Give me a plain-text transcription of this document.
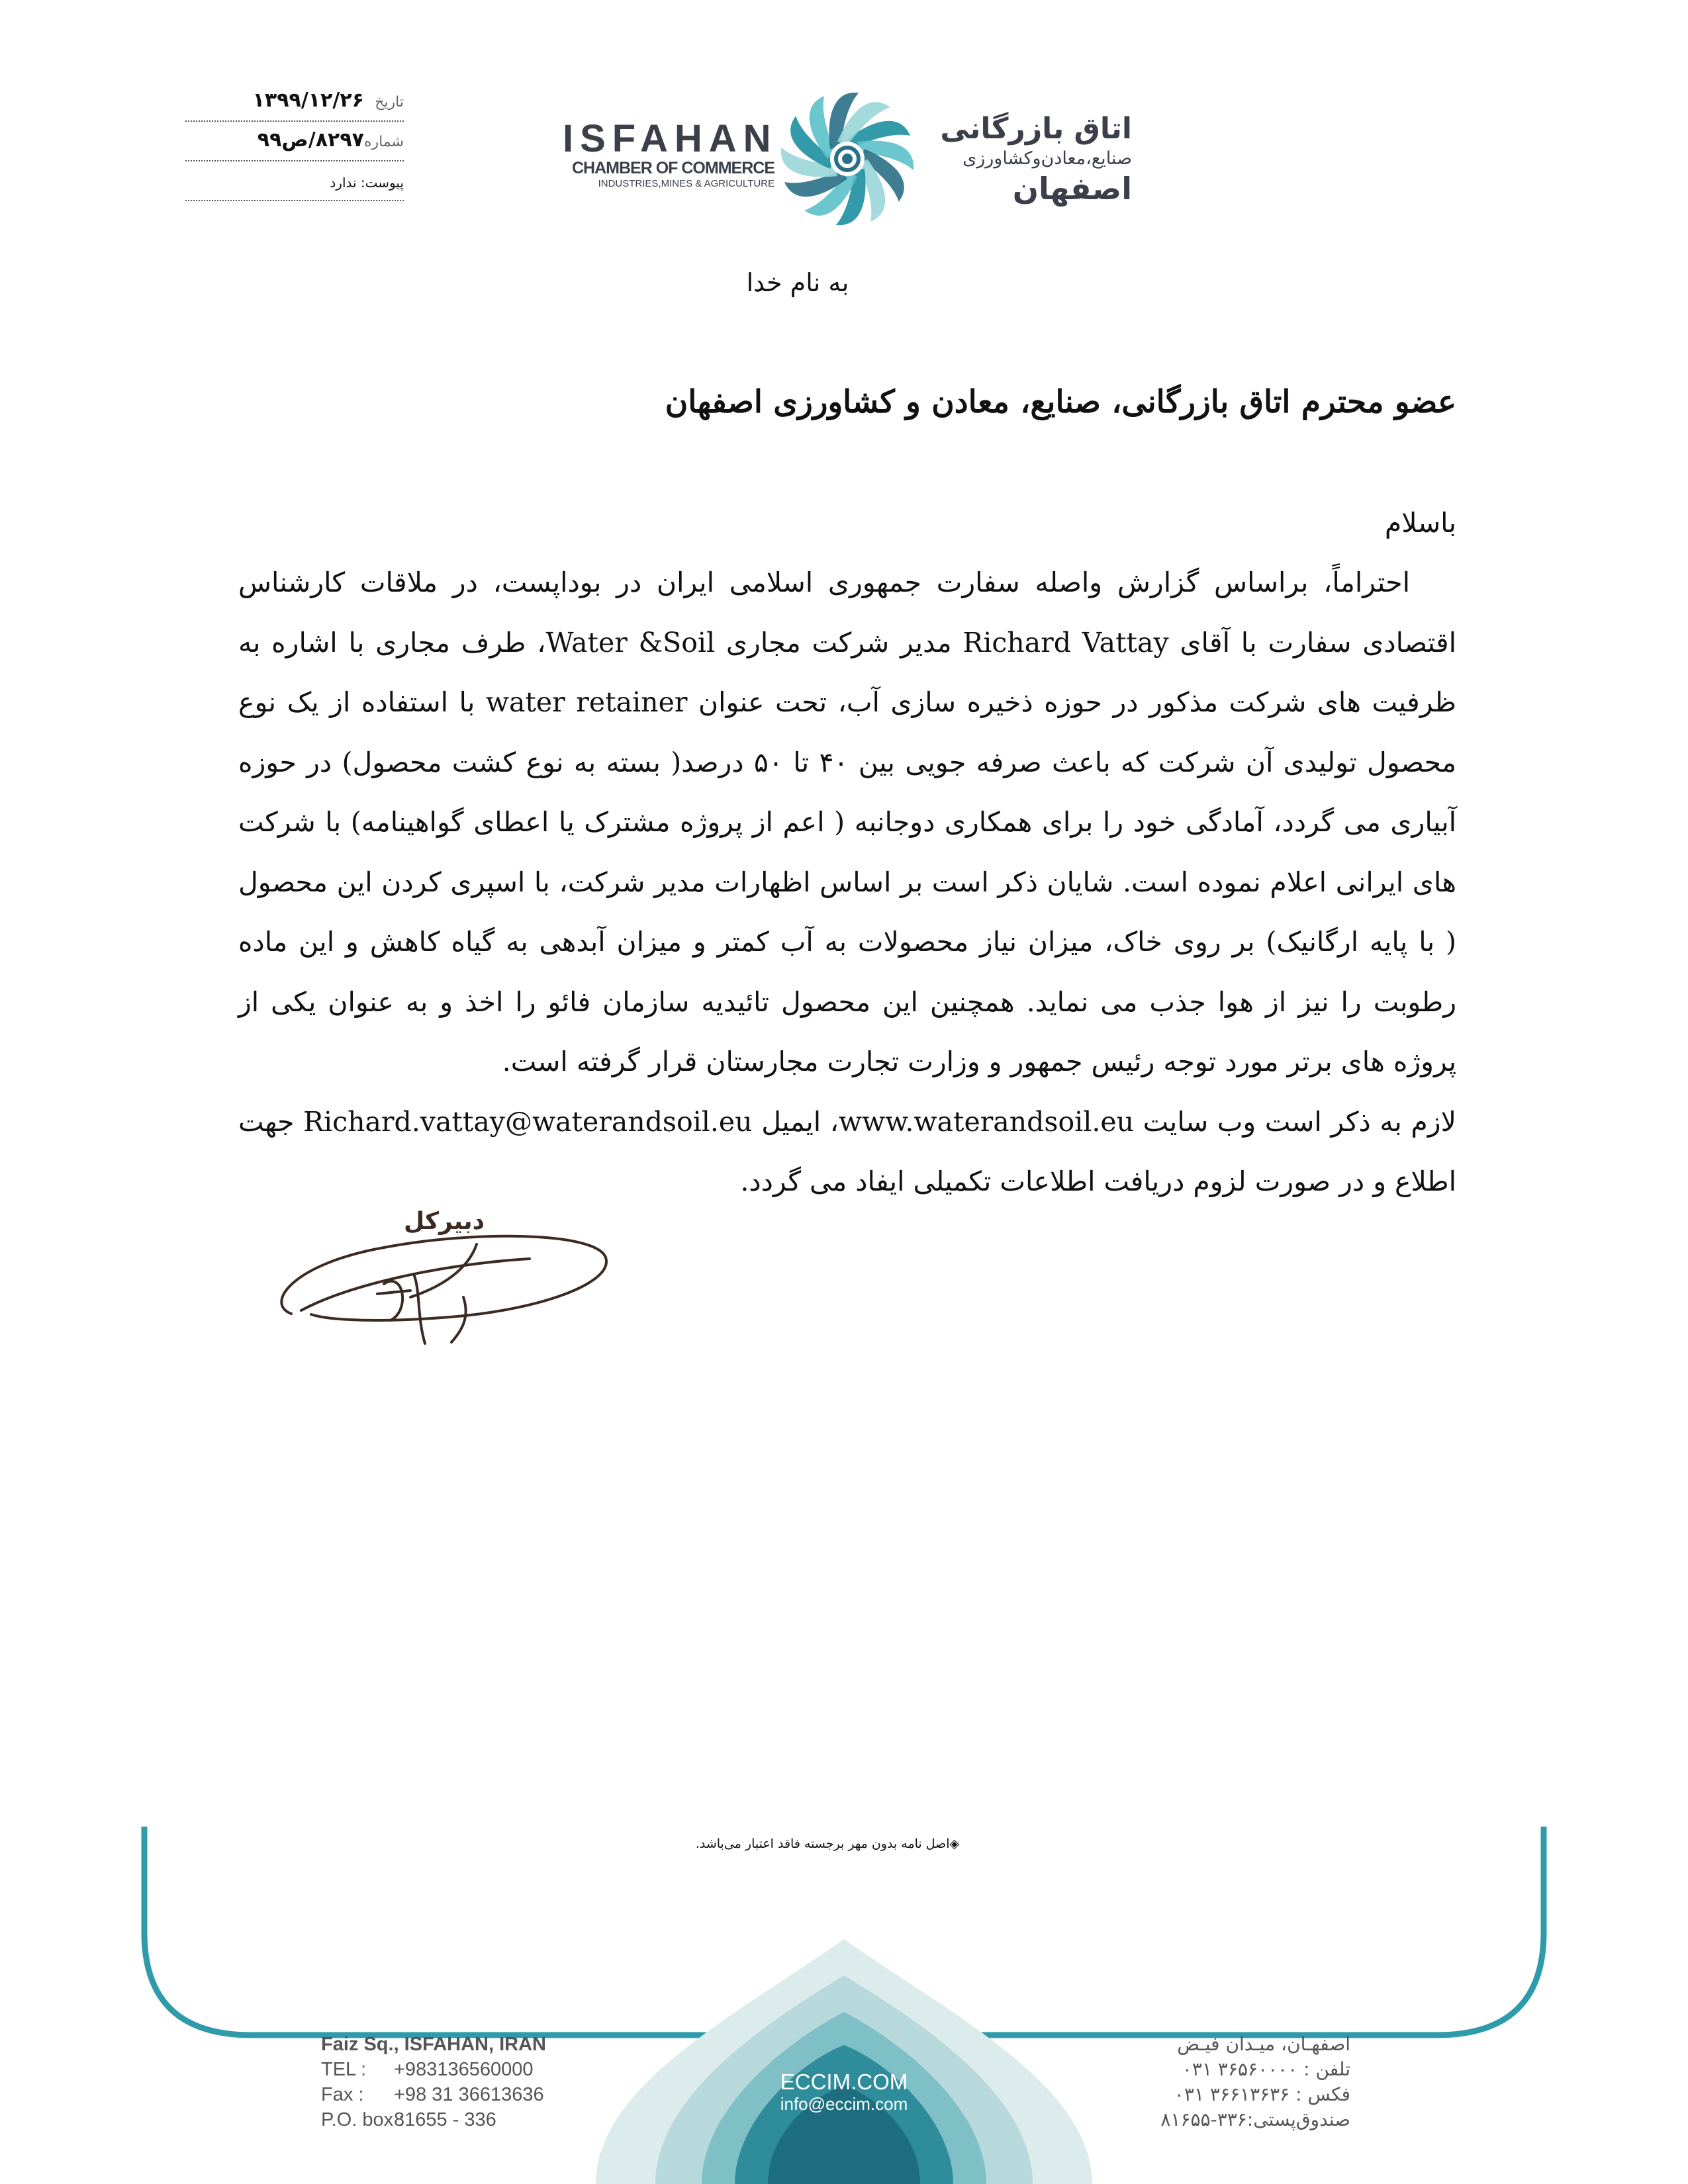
تاریخ
۱۳۹۹/۱۲/۲۶
شماره
۸۲۹۷/ص۹۹
پیوست: ندارد
ISFAHAN
CHAMBER OF COMMERCE
INDUSTRIES,MINES & AGRICULTURE
اتاق بازرگانی
صنایع،معادن‌وکشاورزی
اصفهان
به نام خدا
عضو محترم اتاق بازرگانی، صنایع، معادن و کشاورزی اصفهان
باسلام

احتراماً، براساس گزارش واصله سفارت جمهوری اسلامی ایران در بوداپست، در ملاقات کارشناس اقتصادی سفارت با آقای Richard Vattay مدیر شرکت مجاری Water &Soil، طرف مجاری با اشاره به ظرفیت های شرکت مذکور در حوزه ذخیره سازی آب، تحت عنوان water retainer با استفاده از یک نوع محصول تولیدی آن شرکت که باعث صرفه جویی بین ۴۰ تا ۵۰ درصد( بسته به نوع کشت محصول) در حوزه آبیاری می گردد، آمادگی خود را برای همکاری دوجانبه ( اعم از پروژه مشترک یا اعطای گواهینامه) با شرکت های ایرانی اعلام نموده است. شایان ذکر است بر اساس اظهارات مدیر شرکت، با اسپری کردن این محصول ( با پایه ارگانیک) بر روی خاک، میزان نیاز محصولات به آب کمتر و میزان آبدهی به گیاه کاهش و این ماده رطوبت را نیز از هوا جذب می نماید. همچنین این محصول تائیدیه سازمان فائو را اخذ و به عنوان یکی از پروژه های برتر مورد توجه رئیس جمهور و وزارت تجارت مجارستان قرار گرفته است.

لازم به ذکر است وب سایت www.waterandsoil.eu، ایمیل Richard.vattay@waterandsoil.eu جهت اطلاع و در صورت لزوم دریافت اطلاعات تکمیلی ایفاد می گردد.

دبیرکل
◈اصل نامه بدون مهر برجسته فاقد اعتبار می‌باشد.
Faiz Sq., ISFAHAN, IRAN
TEL : +983136560000
Fax : +98 31 36613636
P.O. box :81655 - 336
ECCIM.COM
info@eccim.com
اصفهـان، میـدان فیـض
تلفن : ۳۶۵۶۰۰۰۰ ۰۳۱
فکس : ۳۶۶۱۳۶۳۶ ۰۳۱
صندوق‌پستی:۳۳۶-۸۱۶۵۵
